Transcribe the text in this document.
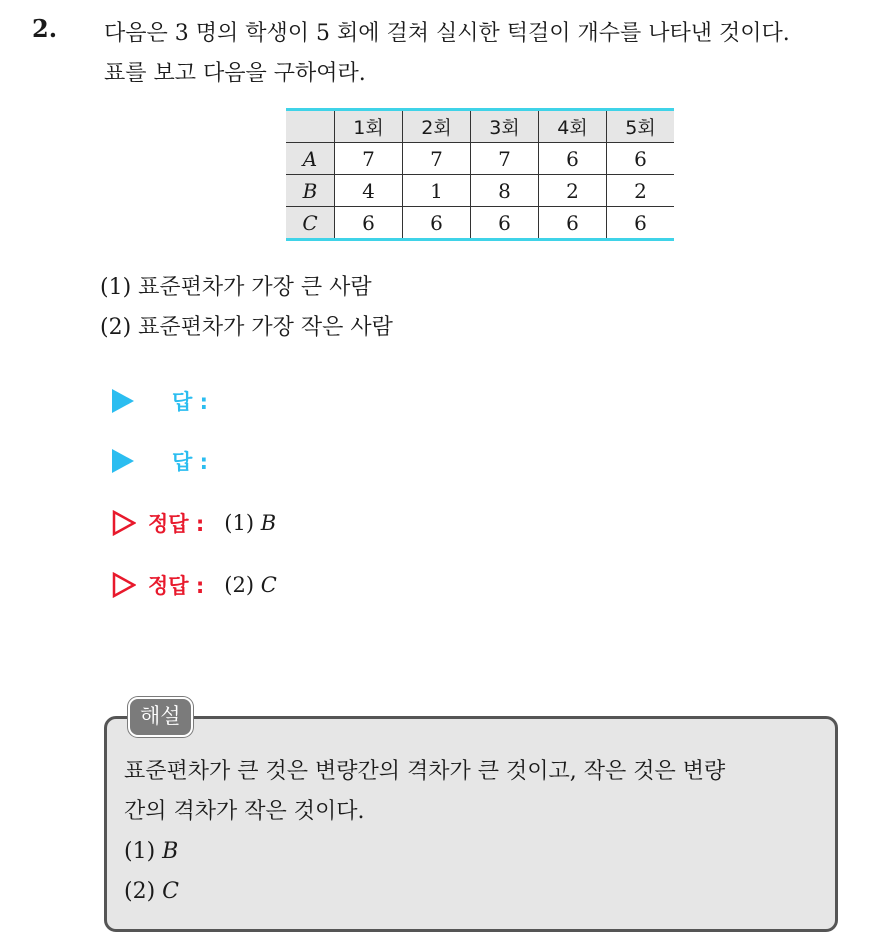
2. 다음은 3 명의 학생이 5 회에 걸쳐 실시한 턱걸이 개수를 나타낸 것이다.
표를 보고 다음을 구하여라.
	1회	2회	3회	4회	5회
A	7	7	7	6	6
B	4	1	8	2	2
C	6	6	6	6	6
(1) 표준편차가 가장 큰 사람
(2) 표준편차가 가장 작은 사람
답 :
답 :
정답 : (1) B
정답 : (2) C
해설
표준편차가 큰 것은 변량간의 격차가 큰 것이고, 작은 것은 변량
간의 격차가 작은 것이다.
(1) B
(2) C
